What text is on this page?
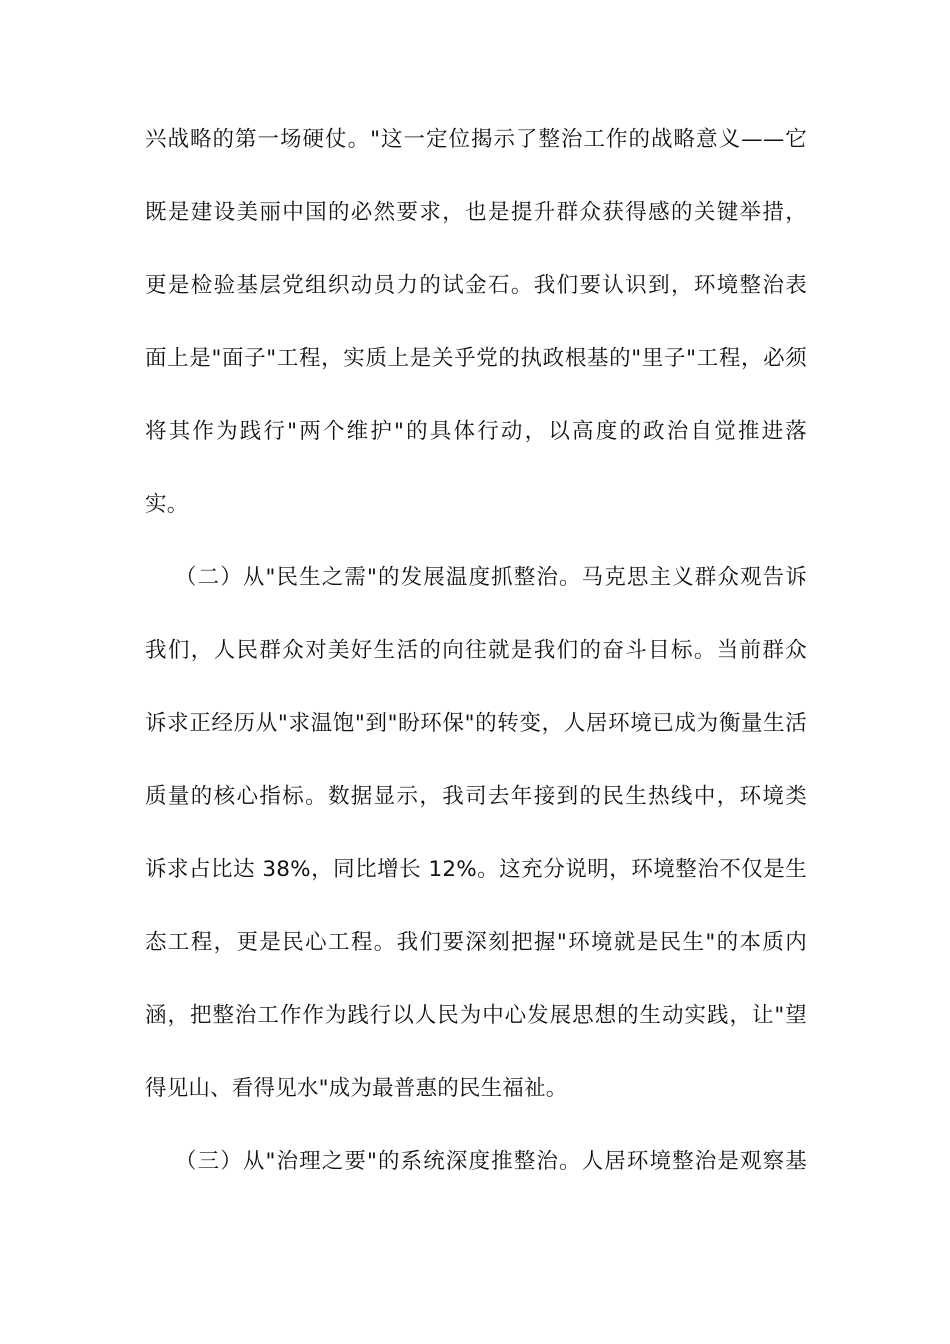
兴战略的第一场硬仗。"这一定位揭示了整治工作的战略意义——它
既是建设美丽中国的必然要求，也是提升群众获得感的关键举措，
更是检验基层党组织动员力的试金石。我们要认识到，环境整治表
面上是"面子"工程，实质上是关乎党的执政根基的"里子"工程，必须
将其作为践行"两个维护"的具体行动，以高度的政治自觉推进落
实。
（二）从"民生之需"的发展温度抓整治。马克思主义群众观告诉
我们，人民群众对美好生活的向往就是我们的奋斗目标。当前群众
诉求正经历从"求温饱"到"盼环保"的转变，人居环境已成为衡量生活
质量的核心指标。数据显示，我司去年接到的民生热线中，环境类
诉求占比达 38%，同比增长 12%。这充分说明，环境整治不仅是生
态工程，更是民心工程。我们要深刻把握"环境就是民生"的本质内
涵，把整治工作作为践行以人民为中心发展思想的生动实践，让"望
得见山、看得见水"成为最普惠的民生福祉。
（三）从"治理之要"的系统深度推整治。人居环境整治是观察基
